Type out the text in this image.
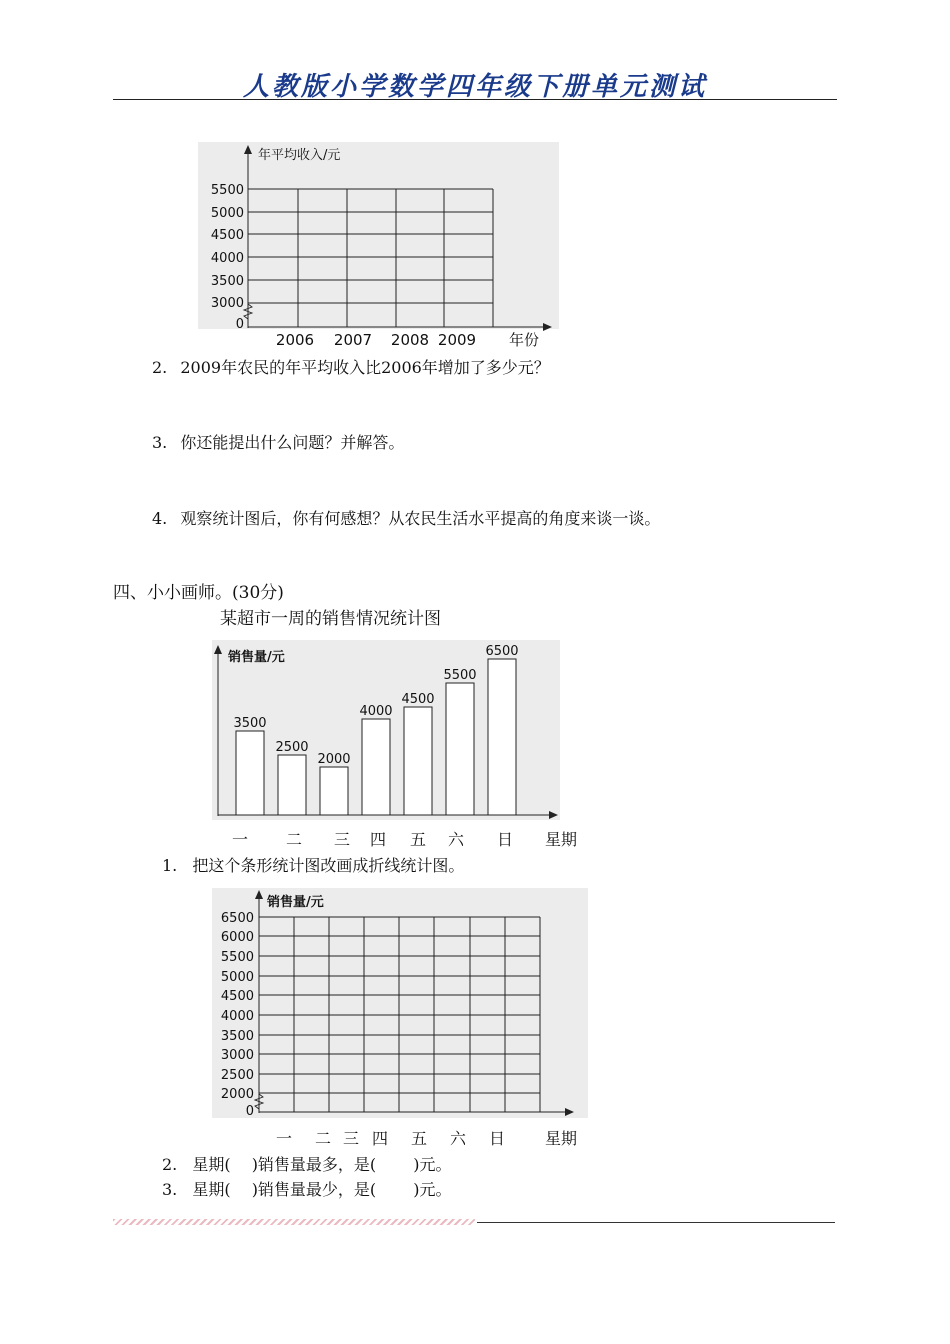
人教版小学数学四年级下册单元测试
年平均收入/元
5500
5000
4500
4000
3500
3000
0
2006 2007 2008 2009 年份
2. 2009年农民的年平均收入比2006年增加了多少元？
3. 你还能提出什么问题？并解答。
4. 观察统计图后，你有何感想？从农民生活水平提高的角度来谈一谈。
四、小小画师。(30分)
某超市一周的销售情况统计图
销售量/元
3500
2500
2000
4000
4500
5500
6500
一 二 三 四 五 六 日 星期
1. 把这个条形统计图改画成折线统计图。
销售量/元
6500
6000
5500
5000
4500
4000
3500
3000
2500
2000
0
一 二 三 四 五 六 日 星期
2. 星期(　 )销售量最多，是(　　 )元。
3. 星期(　 )销售量最少，是(　　 )元。
